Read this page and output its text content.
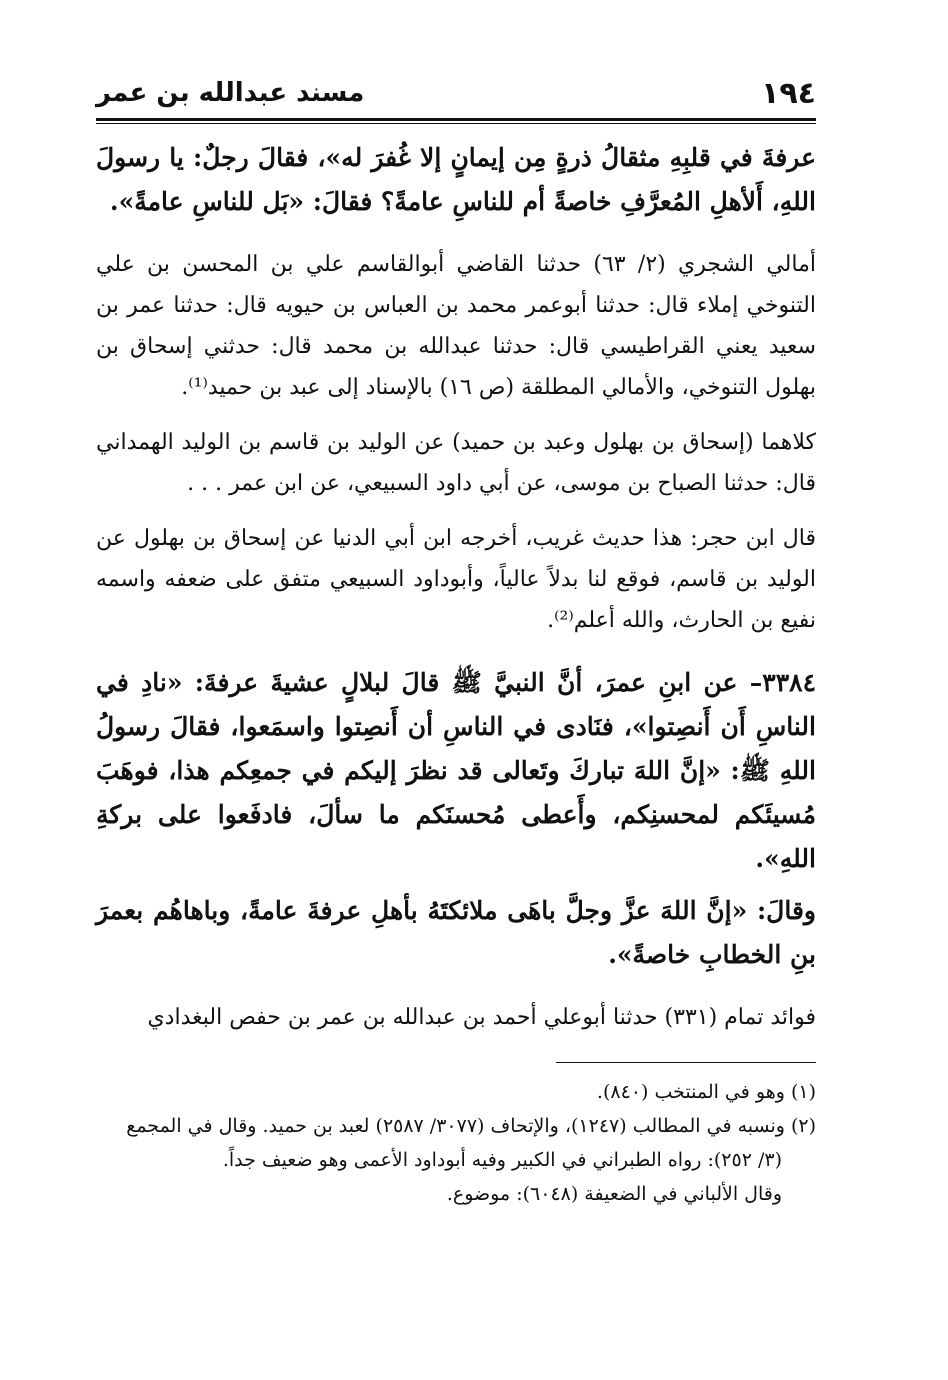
١٩٤
مسند عبدالله بن عمر

عرفةَ في قلبِهِ مثقالُ ذرةٍ مِن إيمانٍ إلا غُفرَ له»، فقالَ رجلٌ: يا رسولَ اللهِ، أَلأهلِ المُعرَّفِ خاصةً أم للناسِ عامةً؟ فقالَ: «بَل للناسِ عامةً».

أمالي الشجري (٢/ ٦٣) حدثنا القاضي أبوالقاسم علي بن المحسن بن علي التنوخي إملاء قال: حدثنا أبوعمر محمد بن العباس بن حيويه قال: حدثنا عمر بن سعيد يعني القراطيسي قال: حدثنا عبدالله بن محمد قال: حدثني إسحاق بن بهلول التنوخي، والأمالي المطلقة (ص ١٦) بالإسناد إلى عبد بن حميد⁽¹⁾.

كلاهما (إسحاق بن بهلول وعبد بن حميد) عن الوليد بن قاسم بن الوليد الهمداني قال: حدثنا الصباح بن موسى، عن أبي داود السبيعي، عن ابن عمر . . .

قال ابن حجر: هذا حديث غريب، أخرجه ابن أبي الدنيا عن إسحاق بن بهلول عن الوليد بن قاسم، فوقع لنا بدلاً عالياً، وأبوداود السبيعي متفق على ضعفه واسمه نفيع بن الحارث، والله أعلم⁽²⁾.

٣٣٨٤– عن ابنِ عمرَ، أنَّ النبيَّ ﷺ قالَ لبلالٍ عشيةَ عرفةَ: «نادِ في الناسِ أَن أَنصِتوا»، فنَادى في الناسِ أن أَنصِتوا واسمَعوا، فقالَ رسولُ اللهِ ﷺ: «إنَّ اللهَ تباركَ وتَعالى قد نظرَ إليكم في جمعِكم هذا، فوهَبَ مُسيئَكم لمحسنِكم، وأَعطى مُحسنَكم ما سألَ، فادفَعوا على بركةِ اللهِ».

وقالَ: «إنَّ اللهَ عزَّ وجلَّ باهَى ملائكتَهُ بأهلِ عرفةَ عامةً، وباهاهُم بعمرَ بنِ الخطابِ خاصةً».

فوائد تمام (٣٣١) حدثنا أبوعلي أحمد بن عبدالله بن عمر بن حفص البغدادي

(١) وهو في المنتخب (٨٤٠).
(٢) ونسبه في المطالب (١٢٤٧)، والإتحاف (٣٠٧٧/ ٢٥٨٧) لعبد بن حميد. وقال في المجمع
(٣/ ٢٥٢): رواه الطبراني في الكبير وفيه أبوداود الأعمى وهو ضعيف جداً.
وقال الألباني في الضعيفة (٦٠٤٨): موضوع.
